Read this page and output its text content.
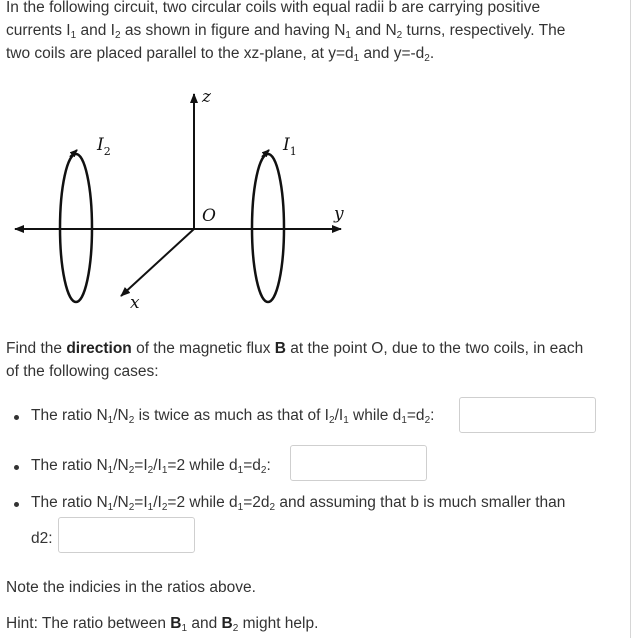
In the following circuit, two circular coils with equal radii b are carrying positive
currents $I_1$ and $I_2$ as shown in figure and having $N_1$ and $N_2$ turns, respectively. The
two coils are placed parallel to the xz-plane, at $y=d_1$ and $y=-d_2$.
z
y
x
O
$I_2$	$I_1$
Find the direction of the magnetic flux B at the point O, due to the two coils, in each
of the following cases:
The ratio $N_1/N_2$ is twice as much as that of $I_2/I_1$ while $d_1=d_2$:
The ratio $N_1/N_2=I_2/I_1=2$ while $d_1=d_2$:
The ratio $N_1/N_2=I_1/I_2=2$ while $d_1=2d_2$ and assuming that b is much smaller than
d2:
Note the indicies in the ratios above.
Hint: The ratio between $B_1$ and $B_2$ might help.
